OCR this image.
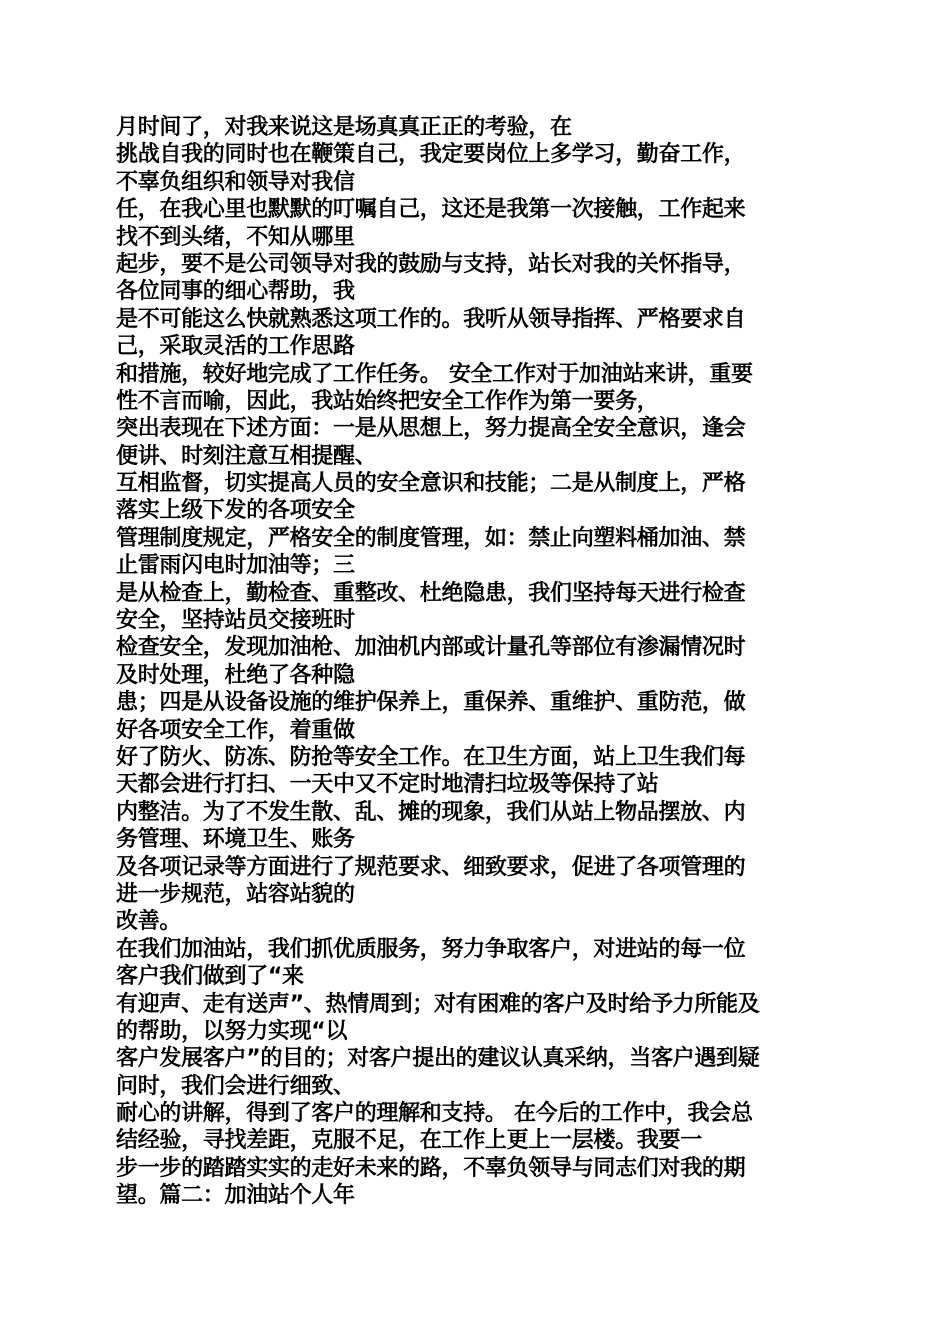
月时间了，对我来说这是场真真正正的考验，在
挑战自我的同时也在鞭策自己，我定要岗位上多学习，勤奋工作，
不辜负组织和领导对我信
任，在我心里也默默的叮嘱自己，这还是我第一次接触，工作起来
找不到头绪，不知从哪里
起步，要不是公司领导对我的鼓励与支持，站长对我的关怀指导，
各位同事的细心帮助，我
是不可能这么快就熟悉这项工作的。我听从领导指挥、严格要求自
己，采取灵活的工作思路
和措施，较好地完成了工作任务。 安全工作对于加油站来讲，重要
性不言而喻，因此，我站始终把安全工作作为第一要务，
突出表现在下述方面：一是从思想上，努力提高全安全意识，逢会
便讲、时刻注意互相提醒、
互相监督，切实提高人员的安全意识和技能；二是从制度上，严格
落实上级下发的各项安全
管理制度规定，严格安全的制度管理，如：禁止向塑料桶加油、禁
止雷雨闪电时加油等；三
是从检查上，勤检查、重整改、杜绝隐患，我们坚持每天进行检查
安全，坚持站员交接班时
检查安全，发现加油枪、加油机内部或计量孔等部位有渗漏情况时
及时处理，杜绝了各种隐
患；四是从设备设施的维护保养上，重保养、重维护、重防范，做
好各项安全工作，着重做
好了防火、防冻、防抢等安全工作。在卫生方面，站上卫生我们每
天都会进行打扫、一天中又不定时地清扫垃圾等保持了站
内整洁。为了不发生散、乱、摊的现象，我们从站上物品摆放、内
务管理、环境卫生、账务
及各项记录等方面进行了规范要求、细致要求，促进了各项管理的
进一步规范，站容站貌的
改善。
在我们加油站，我们抓优质服务，努力争取客户，对进站的每一位
客户我们做到了“来
有迎声、走有送声”、热情周到；对有困难的客户及时给予力所能及
的帮助，以努力实现“以
客户发展客户”的目的；对客户提出的建议认真采纳，当客户遇到疑
问时，我们会进行细致、
耐心的讲解，得到了客户的理解和支持。 在今后的工作中，我会总
结经验，寻找差距，克服不足，在工作上更上一层楼。我要一
步一步的踏踏实实的走好未来的路，不辜负领导与同志们对我的期
望。篇二：加油站个人年
